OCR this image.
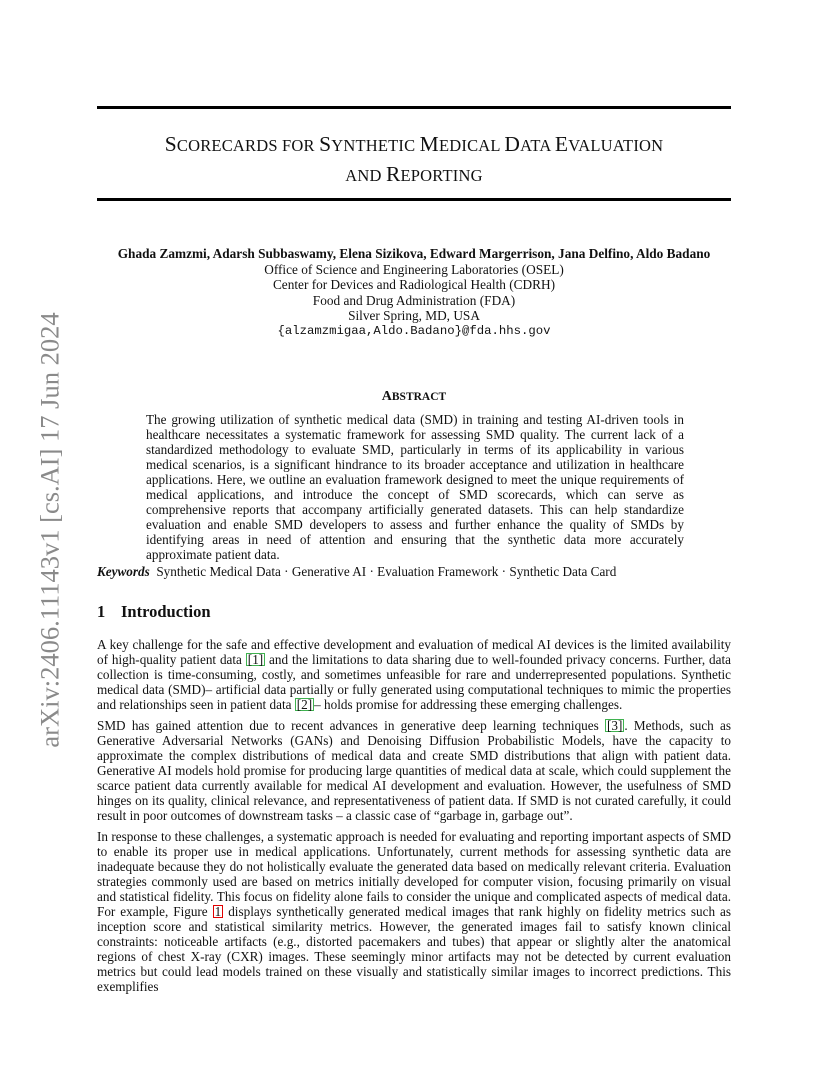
arXiv:2406.11143v1 [cs.AI] 17 Jun 2024
SCORECARDS FOR SYNTHETIC MEDICAL DATA EVALUATION
AND REPORTING
Ghada Zamzmi, Adarsh Subbaswamy, Elena Sizikova, Edward Margerrison, Jana Delfino, Aldo Badano
Office of Science and Engineering Laboratories (OSEL)
Center for Devices and Radiological Health (CDRH)
Food and Drug Administration (FDA)
Silver Spring, MD, USA
{alzamzmigaa,Aldo.Badano}@fda.hhs.gov
ABSTRACT

The growing utilization of synthetic medical data (SMD) in training and testing AI-driven tools in healthcare necessitates a systematic framework for assessing SMD quality. The current lack of a standardized methodology to evaluate SMD, particularly in terms of its applicability in various medical scenarios, is a significant hindrance to its broader acceptance and utilization in healthcare applications. Here, we outline an evaluation framework designed to meet the unique requirements of medical applications, and introduce the concept of SMD scorecards, which can serve as comprehensive reports that accompany artificially generated datasets. This can help standardize evaluation and enable SMD developers to assess and further enhance the quality of SMDs by identifying areas in need of attention and ensuring that the synthetic data more accurately approximate patient data.

Keywords Synthetic Medical Data · Generative AI · Evaluation Framework · Synthetic Data Card
1 Introduction

A key challenge for the safe and effective development and evaluation of medical AI devices is the limited availability of high-quality patient data [1] and the limitations to data sharing due to well-founded privacy concerns. Further, data collection is time-consuming, costly, and sometimes unfeasible for rare and underrepresented populations. Synthetic medical data (SMD)– artificial data partially or fully generated using computational techniques to mimic the properties and relationships seen in patient data [2] – holds promise for addressing these emerging challenges.

SMD has gained attention due to recent advances in generative deep learning techniques [3] . Methods, such as Generative Adversarial Networks (GANs) and Denoising Diffusion Probabilistic Models, have the capacity to approximate the complex distributions of medical data and create SMD distributions that align with patient data. Generative AI models hold promise for producing large quantities of medical data at scale, which could supplement the scarce patient data currently available for medical AI development and evaluation. However, the usefulness of SMD hinges on its quality, clinical relevance, and representativeness of patient data. If SMD is not curated carefully, it could result in poor outcomes of downstream tasks – a classic case of “garbage in, garbage out”.

In response to these challenges, a systematic approach is needed for evaluating and reporting important aspects of SMD to enable its proper use in medical applications. Unfortunately, current methods for assessing synthetic data are inadequate because they do not holistically evaluate the generated data based on medically relevant criteria. Evaluation strategies commonly used are based on metrics initially developed for computer vision, focusing primarily on visual and statistical fidelity. This focus on fidelity alone fails to consider the unique and complicated aspects of medical data. For example, Figure 1 displays synthetically generated medical images that rank highly on fidelity metrics such as inception score and statistical similarity metrics. However, the generated images fail to satisfy known clinical constraints: noticeable artifacts (e.g., distorted pacemakers and tubes) that appear or slightly alter the anatomical regions of chest X-ray (CXR) images. These seemingly minor artifacts may not be detected by current evaluation metrics but could lead models trained on these visually and statistically similar images to incorrect predictions. This exemplifies
